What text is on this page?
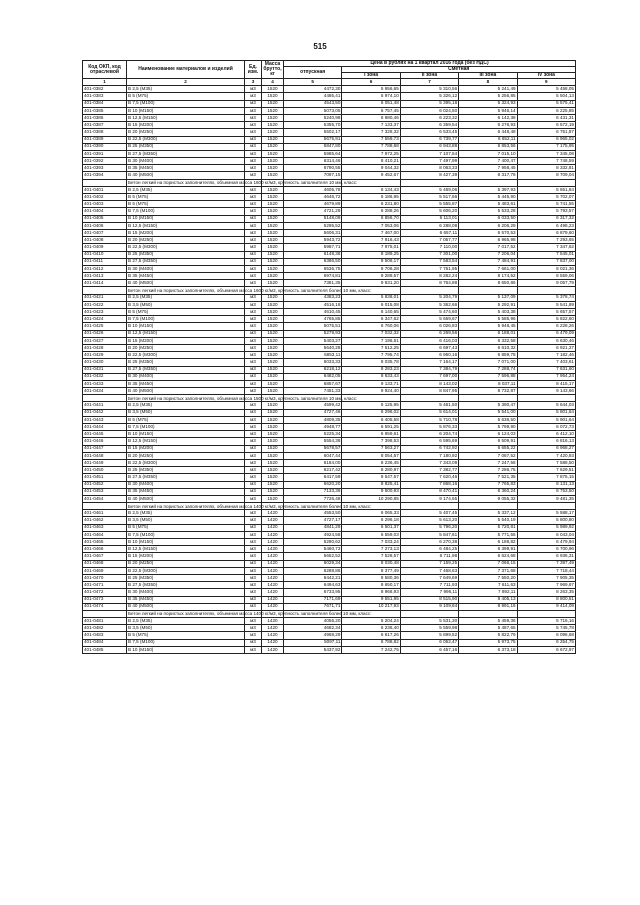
515
Код ОКП, код отраслевой	Наименование материалов и изделий	Ед. изм.	Масса брутто, кг	Цена в рублях на 1 квартал 2016 года (без НДС)				
				отпускная	Сметная			
					I зона	II зона	III зона	IV зона
1	2	3	4	5	6	7	8	9
401-0382	В 2,5 (М35)	м3	1520	4472,30	5 956,65	5 310,56	5 241,49	5 458,05
401-0383	В 5 (М75)	м3	1520	4485,41	5 974,10	5 326,12	5 256,85	5 504,13
401-0384	В 7,5 (М100)	м3	1520	4543,50	6 051,48	5 395,18	5 324,93	5 575,41
401-0385	В 10 (М150)	м3	1520	5073,05	6 757,45	6 024,50	5 946,14	6 225,85
401-0386	В 12,5 (М150)	м3	1520	5240,98	6 980,46	6 223,32	6 142,38	6 431,31
401-0387	В 15 (М200)	м3	1520	5355,70	7 133,37	6 359,54	6 276,93	6 572,19
401-0388	В 20 (М250)	м3	1520	5502,17	7 328,32	6 533,45	6 448,48	6 751,87
401-0389	В 22,5 (М300)	м3	1520	5675,91	7 559,73	6 739,77	6 652,11	6 965,02
401-0390	В 25 (М350)	м3	1520	5847,80	7 788,68	6 943,88	6 853,56	7 175,95
401-0391	В 27,5 (М350)	м3	1520	5985,64	7 972,25	7 107,54	7 015,10	7 345,08
401-0392	В 30 (М400)	м3	1520	6314,46	8 410,21	7 497,99	7 400,47	7 748,59
401-0393	В 35 (М450)	м3	1520	6790,55	9 044,32	8 063,33	7 958,45	8 332,81
401-0394	В 40 (М500)	м3	1520	7097,15	9 452,67	8 427,39	8 317,78	8 709,04
	Бетон легкий на пористых заполнителях, объемная масса 1600 кг/м3, крупность заполнителя 10 мм, класс:							
401-0401	В 2,5 (М35)	м3	1520	4605,78	6 134,43	5 469,06	5 397,93	5 651,84
401-0402	В 5 (М75)	м3	1520	4646,72	6 186,95	5 517,66	5 445,90	5 702,07
401-0403	В 5 (М75)	м3	1520	4679,89	6 231,80	5 555,87	5 483,61	5 741,55
401-0404	В 7,5 (М100)	м3	1520	4721,28	6 288,26	5 606,20	5 533,28	5 793,57
401-0405	В 10 (М150)	м3	1520	5148,09	6 856,70	6 113,01	6 033,50	6 317,32
401-0406	В 12,5 (М150)	м3	1520	5295,52	7 053,06	6 288,08	6 206,29	6 498,23
401-0407	В 15 (М200)	м3	1520	5606,31	7 467,00	6 657,11	6 570,53	6 879,60
401-0408	В 20 (М250)	м3	1520	5943,72	7 916,43	7 057,77	6 965,98	7 293,65
401-0409	В 22,5 (М300)	м3	1520	5987,71	7 975,01	7 110,00	7 017,52	7 347,62
401-0410	В 25 (М350)	м3	1520	6148,36	8 189,25	7 301,00	7 206,04	7 545,01
401-0411	В 27,5 (М350)	м3	1520	6386,50	8 506,17	7 583,54	7 484,91	7 837,00
401-0412	В 30 (М400)	м3	1520	6536,75	8 706,28	7 761,95	7 661,00	8 021,36
401-0413	В 35 (М450)	м3	1520	6974,81	9 289,57	8 282,24	8 174,52	8 559,06
401-0414	В 40 (М500)	м3	1520	7381,35	9 831,20	8 764,88	8 650,86	9 057,79
	Бетон легкий на пористых заполнителях, объемная масса 1600 кг/м3, крупность заполнителя более 10 мм, класс:							
401-0421	В 2,5 (М35)	м3	1520	4383,23	5 838,01	5 204,79	5 137,09	5 378,74
401-0422	В 3,5 (М50)	м3	1520	4516,18	6 015,08	5 362,66	5 292,91	5 541,89
401-0423	В 5 (М75)	м3	1520	4610,45	6 140,65	5 474,60	5 403,38	5 657,57
401-0424	В 7,5 (М100)	м3	1520	4765,85	6 347,62	5 659,67	5 585,96	5 822,60
401-0425	В 10 (М150)	м3	1520	5075,51	6 760,06	6 026,83	5 948,45	6 228,26
401-0426	В 12,5 (М150)	м3	1520	5279,93	7 032,32	6 269,56	6 188,01	6 479,09
401-0427	В 15 (М200)	м3	1520	5403,27	7 196,61	6 416,03	6 332,58	6 630,46
401-0428	В 20 (М250)	м3	1520	5640,28	7 512,25	6 697,43	6 610,32	6 921,27
401-0429	В 22,5 (М300)	м3	1520	5853,11	7 795,74	6 950,16	6 859,78	7 182,46
401-0430	В 25 (М350)	м3	1520	6033,33	8 035,78	7 164,17	7 071,00	7 403,61
401-0431	В 27,5 (М350)	м3	1520	6218,12	8 283,23	7 384,79	7 288,74	7 631,60
401-0432	В 30 (М400)	м3	1520	6482,05	8 633,43	7 697,00	7 596,88	7 954,24
401-0433	В 35 (М450)	м3	1520	6857,67	9 133,71	8 143,02	8 037,11	8 415,17
401-0434	В 40 (М500)	м3	1520	7451,33	9 924,40	8 847,95	8 732,87	9 143,66
	Бетон легкий на пористых заполнителях, объемная масса 1500 кг/м3, крупность заполнителя 10 мм, класс:							
401-0441	В 2,5 (М35)	м3	1520	4599,42	6 125,95	5 461,50	5 390,47	5 644,03
401-0442	В 3,5 (М50)	м3	1520	4727,46	6 296,02	5 614,01	5 541,00	5 801,64
401-0443	В 5 (М75)	м3	1520	4809,35	6 405,58	5 710,78	5 636,50	5 901,64
401-0444	В 7,5 (М100)	м3	1520	4948,77	6 591,25	5 876,33	5 799,90	6 072,73
401-0445	В 10 (М150)	м3	1520	5225,34	6 959,61	6 204,74	6 124,03	6 412,10
401-0446	В 12,5 (М150)	м3	1520	5554,38	7 398,53	6 595,69	6 509,91	6 816,13
401-0447	В 15 (М200)	м3	1520	5678,57	7 563,27	6 742,92	6 655,22	6 968,27
401-0448	В 20 (М250)	м3	1520	6047,44	8 054,57	7 180,92	7 087,52	7 420,93
401-0449	В 22,5 (М300)	м3	1520	6184,00	8 236,45	7 343,09	7 247,58	7 588,50
401-0450	В 25 (М350)	м3	1520	6217,42	8 280,97	7 382,77	7 286,75	7 629,51
401-0451	В 27,5 (М350)	м3	1520	6417,59	8 547,57	7 620,46	7 521,35	7 875,15
401-0452	В 30 (М400)	м3	1520	6620,20	8 825,41	7 868,16	7 765,83	8 131,13
401-0453	В 35 (М450)	м3	1520	7133,36	9 500,93	8 470,41	8 360,24	8 753,50
401-0454	В 40 (М500)	м3	1520	7726,48	10 290,85	9 174,65	9 055,32	9 481,35
	Бетон легкий на пористых заполнителях, объемная масса 1400 кг/м3, крупность заполнителя более 10 мм, класс:							
401-0461	В 2,5 (М35)	м3	1420	4553,50	6 065,33	5 407,45	5 337,12	5 588,17
401-0462	В 3,5 (М50)	м3	1420	4727,17	6 296,18	5 613,20	5 540,19	5 800,80
401-0463	В 5 (М75)	м3	1420	4841,29	6 501,37	5 796,20	5 720,81	5 989,92
401-0464	В 7,5 (М100)	м3	1420	4924,58	6 559,03	5 847,61	5 771,55	6 043,04
401-0465	В 10 (М150)	м3	1420	5280,62	7 033,24	6 270,38	6 188,82	6 479,94
401-0466	В 12,5 (М150)	м3	1420	5460,73	7 273,13	6 484,25	6 399,91	6 700,96
401-0467	В 15 (М200)	м3	1420	5652,52	7 528,57	6 711,98	6 624,68	6 936,31
401-0468	В 20 (М250)	м3	1420	6029,34	8 030,48	7 159,25	7 066,15	7 397,49
401-0469	В 22,5 (М300)	м3	1420	6288,86	8 377,49	7 468,63	7 371,68	7 718,44
401-0470	В 25 (М350)	м3	1420	6442,21	8 580,36	7 649,69	7 550,20	7 905,35
401-0471	В 27,5 (М350)	м3	1420	6494,63	8 650,17	7 711,93	7 611,63	7 969,67
401-0472	В 30 (М400)	м3	1420	6733,95	8 968,93	7 996,11	7 892,11	8 263,35
401-0473	В 35 (М450)	м3	1420	7171,69	9 551,95	8 515,90	8 405,13	8 800,51
401-0474	В 40 (М500)	м3	1420	7671,71	10 217,93	9 109,64	8 991,16	9 414,09
	Бетон легкий на пористых заполнителях, объемная масса 1400 кг/м3, крупность заполнителя более 10 мм, класс:							
401-0481	В 2,5 (М35)	м3	1420	4056,20	5 204,24	5 531,30	5 459,36	5 716,16
401-0482	В 3,5 (М50)	м3	1420	4682,34	6 236,40	5 559,98	5 487,65	5 745,78
401-0483	В 5 (М75)	м3	1420	4968,29	6 617,26	5 899,52	5 822,79	6 096,68
401-0484	В 7,5 (М100)	м3	1420	5097,11	6 788,82	6 052,47	5 973,75	6 254,75
401-0485	В 10 (М150)	м3	1420	5437,92	7 242,75	6 457,16	6 373,18	6 672,97
